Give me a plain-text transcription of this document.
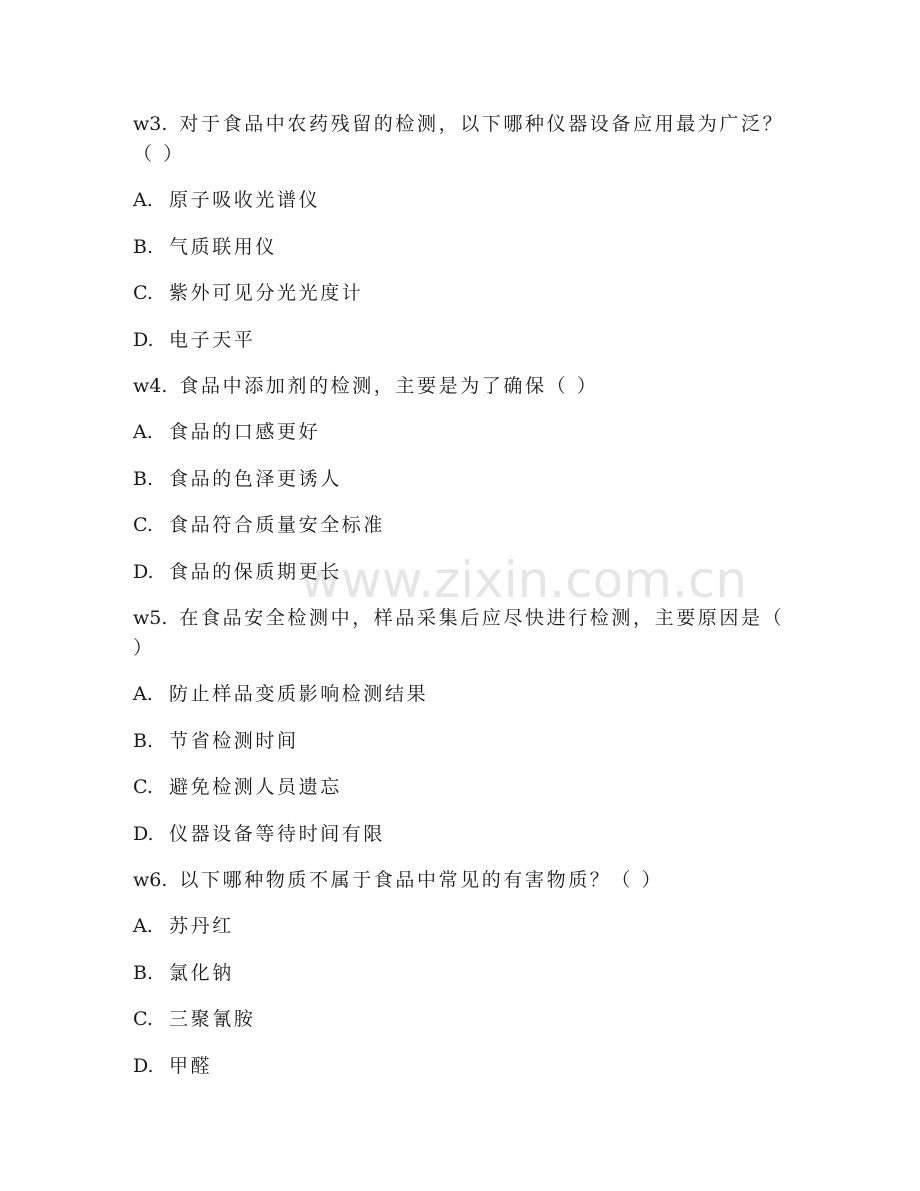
w3. 对于食品中农药残留的检测，以下哪种仪器设备应用最为广泛？
（ ）
A. 原子吸收光谱仪
B. 气质联用仪
C. 紫外可见分光光度计
D. 电子天平
w4. 食品中添加剂的检测，主要是为了确保（ ）
A. 食品的口感更好
B. 食品的色泽更诱人
C. 食品符合质量安全标准
D. 食品的保质期更长
w5. 在食品安全检测中，样品采集后应尽快进行检测，主要原因是（
）
A. 防止样品变质影响检测结果
B. 节省检测时间
C. 避免检测人员遗忘
D. 仪器设备等待时间有限
w6. 以下哪种物质不属于食品中常见的有害物质？（ ）
A. 苏丹红
B. 氯化钠
C. 三聚氰胺
D. 甲醛
www.zixin.com.cn
